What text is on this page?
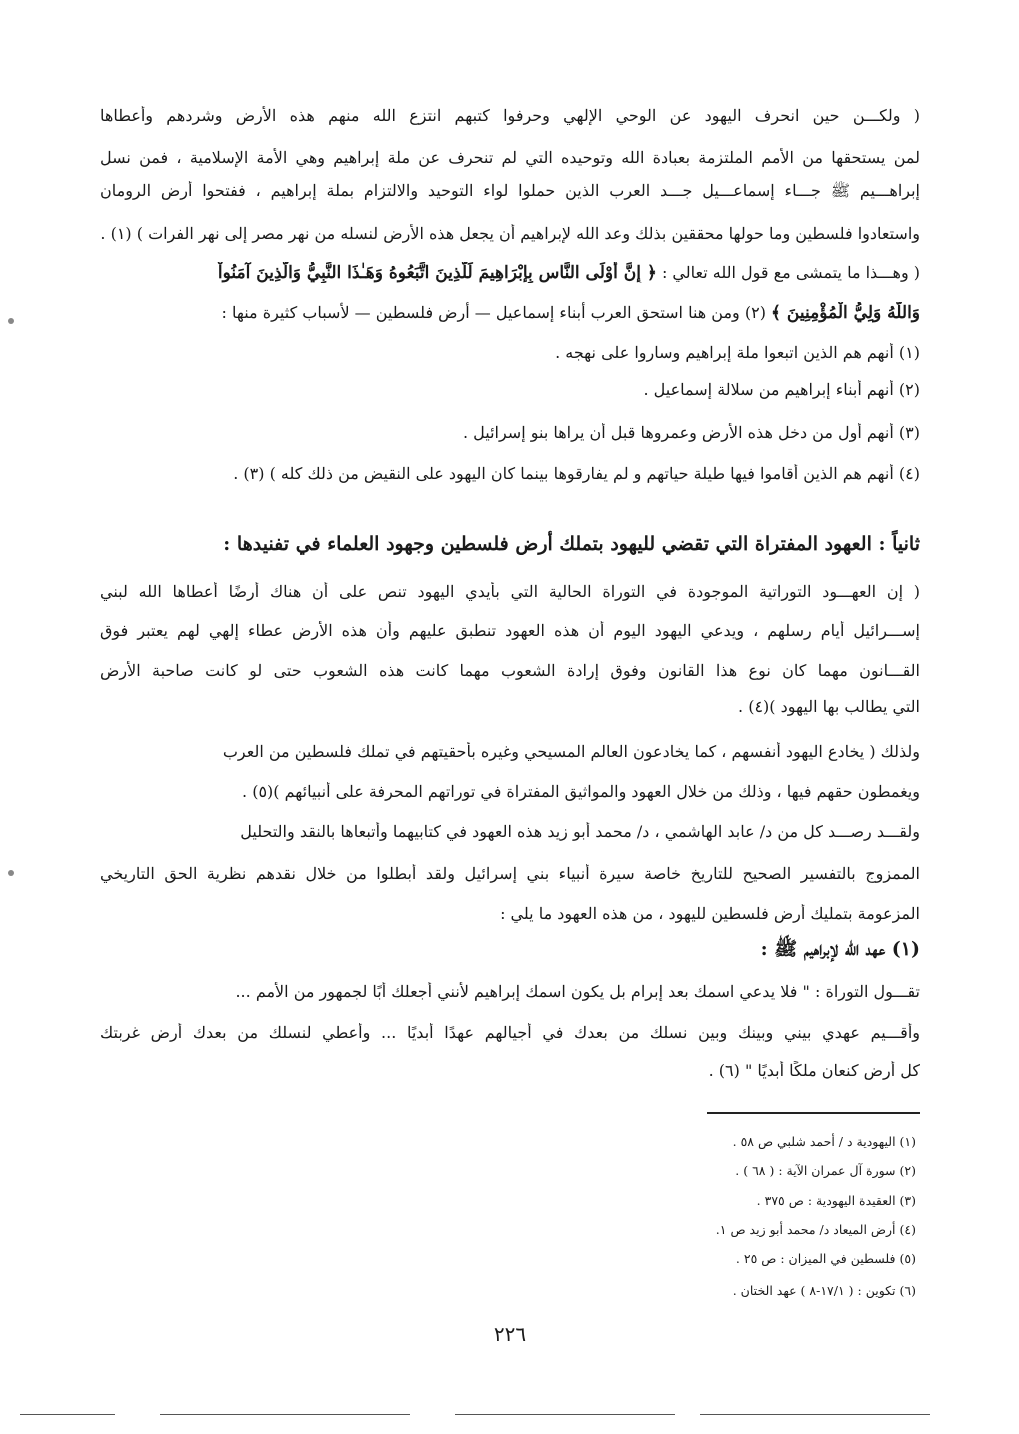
( ولكـــن حين انحرف اليهود عن الوحي الإلهي وحرفوا كتبهم انتزع الله منهم هذه الأرض وشردهم وأعطاها
لمن يستحقها من الأمم الملتزمة بعبادة الله وتوحيده التي لم تنحرف عن ملة إبراهيم وهي الأمة الإسلامية ، فمن نسل
إبراهـــيم ﷺ جـــاء إسماعـــيل جـــد العرب الذين حملوا لواء التوحيد والالتزام بملة إبراهيم ، ففتحوا أرض الرومان
واستعادوا فلسطين وما حولها محققين بذلك وعد الله لإبراهيم أن يجعل هذه الأرض لنسله من نهر مصر إلى نهر الفرات ) (١) .
( وهـــذا ما يتمشى مع قول الله تعالي : ﴿ إِنَّ أَوْلَى النَّاسِ بِإِبْرَاهِيمَ لَلَّذِينَ اتَّبَعُوهُ وَهَـٰذَا النَّبِيُّ وَالَّذِينَ آمَنُواْ
وَاللَّهُ وَلِيُّ الْمُؤْمِنِينَ ﴾ (٢) ومن هنا استحق العرب أبناء إسماعيل — أرض فلسطين — لأسباب كثيرة منها :
(١) أنهم هم الذين اتبعوا ملة إبراهيم وساروا على نهجه .
(٢) أنهم أبناء إبراهيم من سلالة إسماعيل .
(٣) أنهم أول من دخل هذه الأرض وعمروها قبل أن يراها بنو إسرائيل .
(٤) أنهم هم الذين أقاموا فيها طيلة حياتهم و لم يفارقوها بينما كان اليهود على النقيض من ذلك كله ) (٣) .
ثانياً : العهود المفتراة التي تقضي لليهود بتملك أرض فلسطين وجهود العلماء في تفنيدها :
( إن العهـــود التوراتية الموجودة في التوراة الحالية التي بأيدي اليهود تنص على أن هناك أرضًا أعطاها الله لبني
إســـرائيل أيام رسلهم ، ويدعي اليهود اليوم أن هذه العهود تنطبق عليهم وأن هذه الأرض عطاء إلهي لهم يعتبر فوق
القـــانون مهما كان نوع هذا القانون وفوق إرادة الشعوب مهما كانت هذه الشعوب حتى لو كانت صاحبة الأرض
التي يطالب بها اليهود )(٤) .
ولذلك ( يخادع اليهود أنفسهم ، كما يخادعون العالم المسيحي وغيره بأحقيتهم في تملك فلسطين من العرب
ويغمطون حقهم فيها ، وذلك من خلال العهود والمواثيق المفتراة في توراتهم المحرفة على أنبيائهم )(٥) .
ولقـــد رصـــد كل من د/ عابد الهاشمي ، د/ محمد أبو زيد هذه العهود في كتابيهما وأتبعاها بالنقد والتحليل
الممزوج بالتفسير الصحيح للتاريخ خاصة سيرة أنبياء بني إسرائيل ولقد أبطلوا من خلال نقدهم نظرية الحق التاريخي
المزعومة بتمليك أرض فلسطين لليهود ، من هذه العهود ما يلي :
(١) عهد الله لإبراهيم ﷺ :
تقـــول التوراة : " فلا يدعي اسمك بعد إبرام بل يكون اسمك إبراهيم لأنني أجعلك أبًا لجمهور من الأمم ...
وأقـــيم عهدي بيني وبينك وبين نسلك من بعدك في أجيالهم عهدًا أبديًا ... وأعطي لنسلك من بعدك أرض غربتك
كل أرض كنعان ملكًا أبديًا " (٦) .
(١) اليهودية د / أحمد شلبي ص ٥٨ .
(٢) سورة آل عمران الآية : ( ٦٨ ) .
(٣) العقيدة اليهودية : ص ٣٧٥ .
(٤) أرض الميعاد د/ محمد أبو زيد ص ١.
(٥) فلسطين في الميزان : ص ٢٥ .
(٦) تكوين : ( ١٧/١-٨ ) عهد الختان .
٢٢٦
